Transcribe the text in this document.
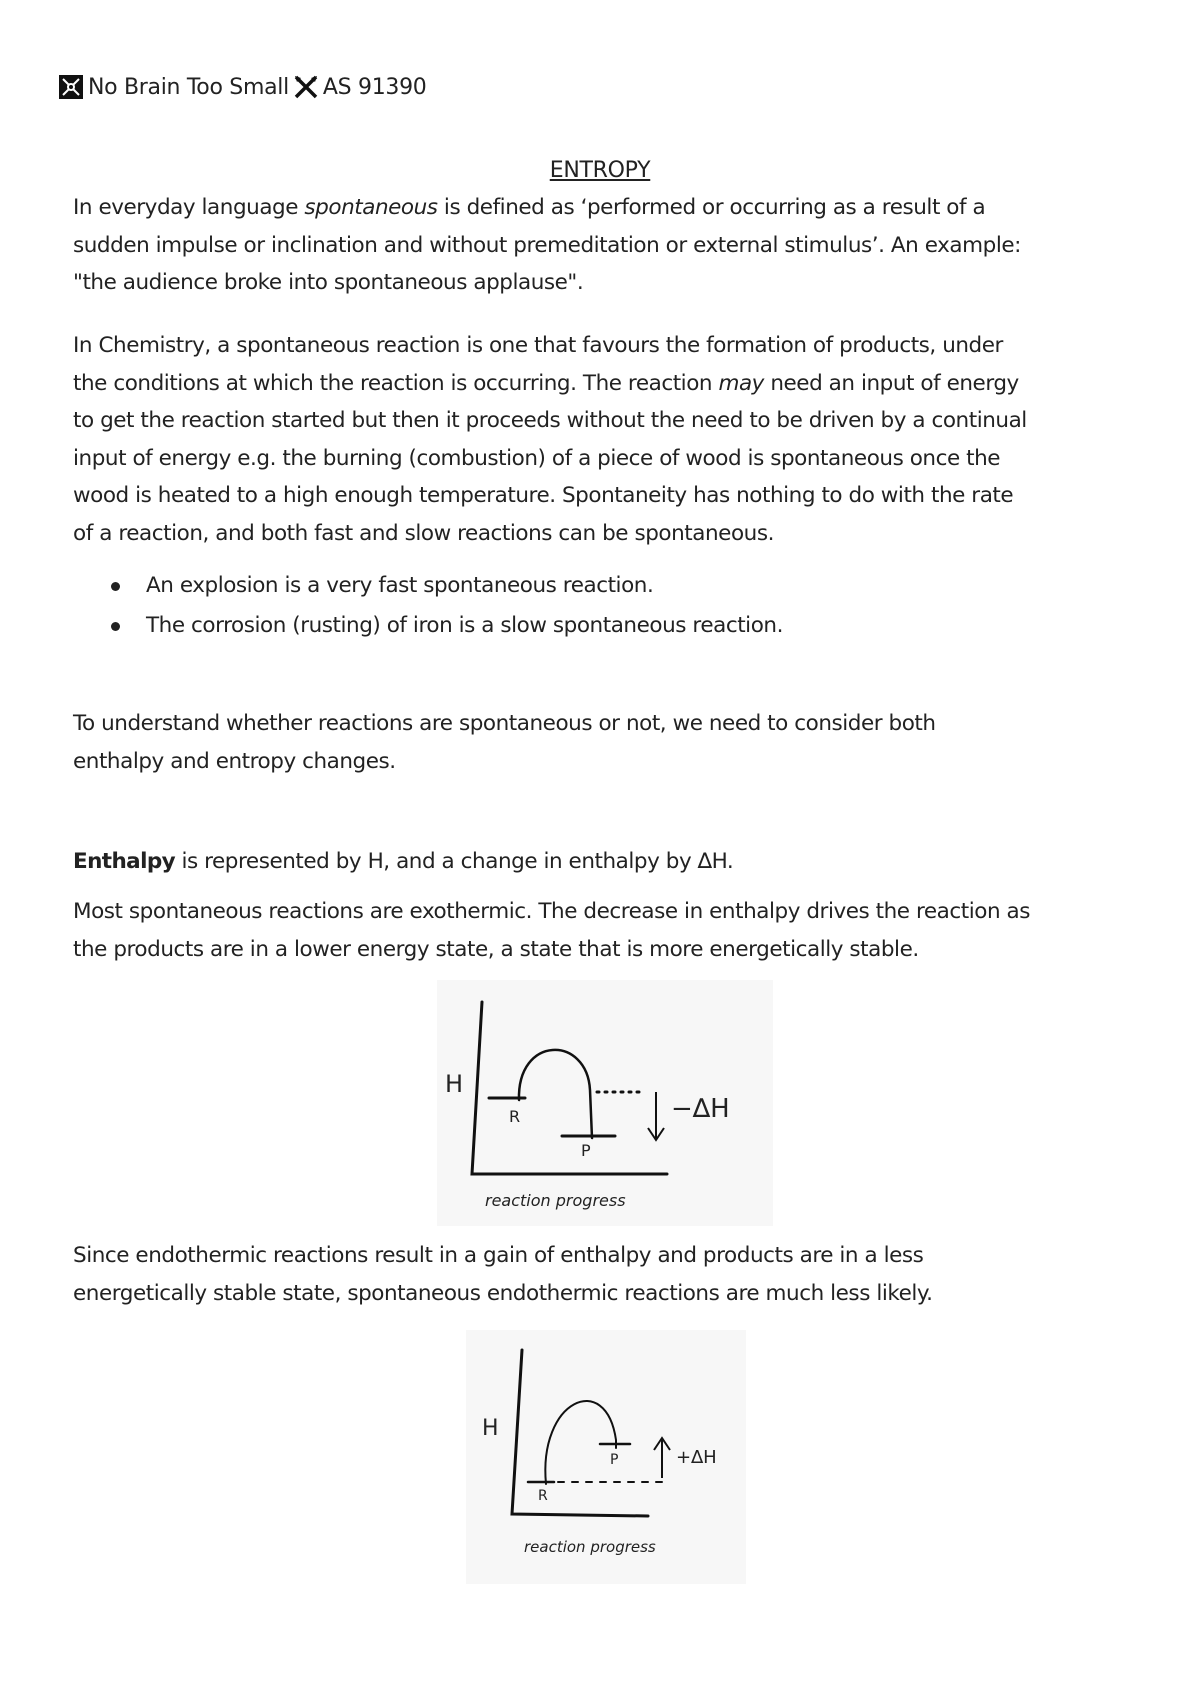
No Brain Too Small AS 91390
ENTROPY

In everyday language spontaneous is defined as ‘performed or occurring as a result of a
sudden impulse or inclination and without premeditation or external stimulus’. An example:
"the audience broke into spontaneous applause".

In Chemistry, a spontaneous reaction is one that favours the formation of products, under
the conditions at which the reaction is occurring. The reaction may need an input of energy
to get the reaction started but then it proceeds without the need to be driven by a continual
input of energy e.g. the burning (combustion) of a piece of wood is spontaneous once the
wood is heated to a high enough temperature. Spontaneity has nothing to do with the rate
of a reaction, and both fast and slow reactions can be spontaneous.

An explosion is a very fast spontaneous reaction.
The corrosion (rusting) of iron is a slow spontaneous reaction.

To understand whether reactions are spontaneous or not, we need to consider both
enthalpy and entropy changes.

Enthalpy is represented by H, and a change in enthalpy by ∆H.

Most spontaneous reactions are exothermic. The decrease in enthalpy drives the reaction as
the products are in a lower energy state, a state that is more energetically stable.

H
R
P
−∆H
reaction progress

Since endothermic reactions result in a gain of enthalpy and products are in a less
energetically stable state, spontaneous endothermic reactions are much less likely.

H
R
P	+∆H
reaction progress
